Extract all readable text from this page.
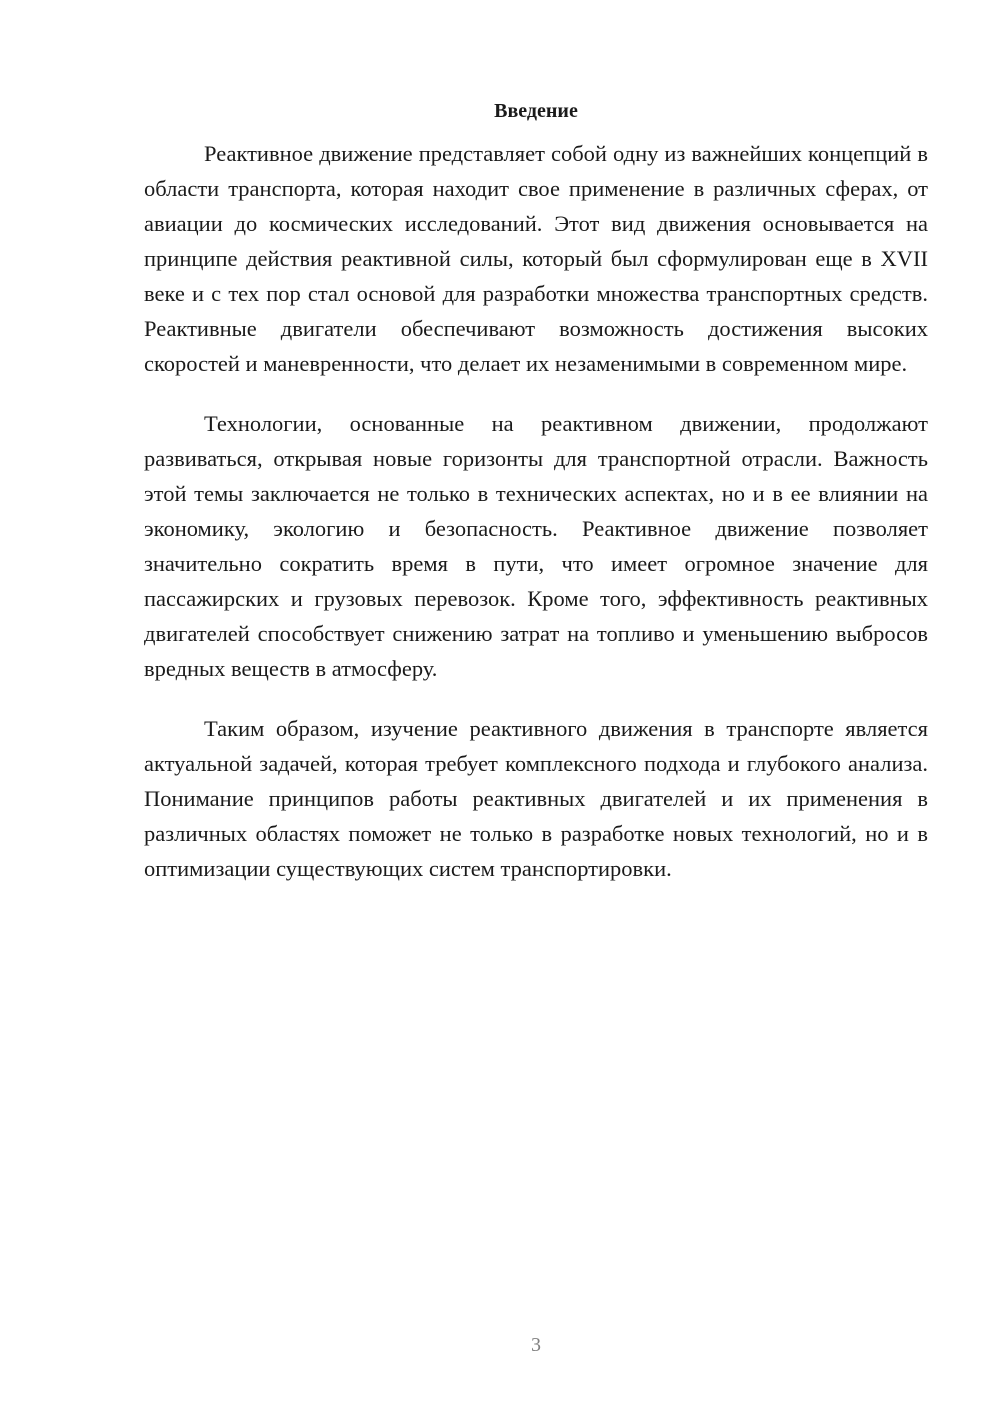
Введение

Реактивное движение представляет собой одну из важнейших концепций в области транспорта, которая находит свое применение в различных сферах, от авиации до космических исследований. Этот вид движения основывается на принципе действия реактивной силы, который был сформулирован еще в XVII веке и с тех пор стал основой для разработки множества транспортных средств. Реактивные двигатели обеспечивают возможность достижения высоких скоростей и маневренности, что делает их незаменимыми в современном мире.

Технологии, основанные на реактивном движении, продолжают развиваться, открывая новые горизонты для транспортной отрасли. Важность этой темы заключается не только в технических аспектах, но и в ее влиянии на экономику, экологию и безопасность. Реактивное движение позволяет значительно сократить время в пути, что имеет огромное значение для пассажирских и грузовых перевозок. Кроме того, эффективность реактивных двигателей способствует снижению затрат на топливо и уменьшению выбросов вредных веществ в атмосферу.

Таким образом, изучение реактивного движения в транспорте является актуальной задачей, которая требует комплексного подхода и глубокого анализа. Понимание принципов работы реактивных двигателей и их применения в различных областях поможет не только в разработке новых технологий, но и в оптимизации существующих систем транспортировки.

3
